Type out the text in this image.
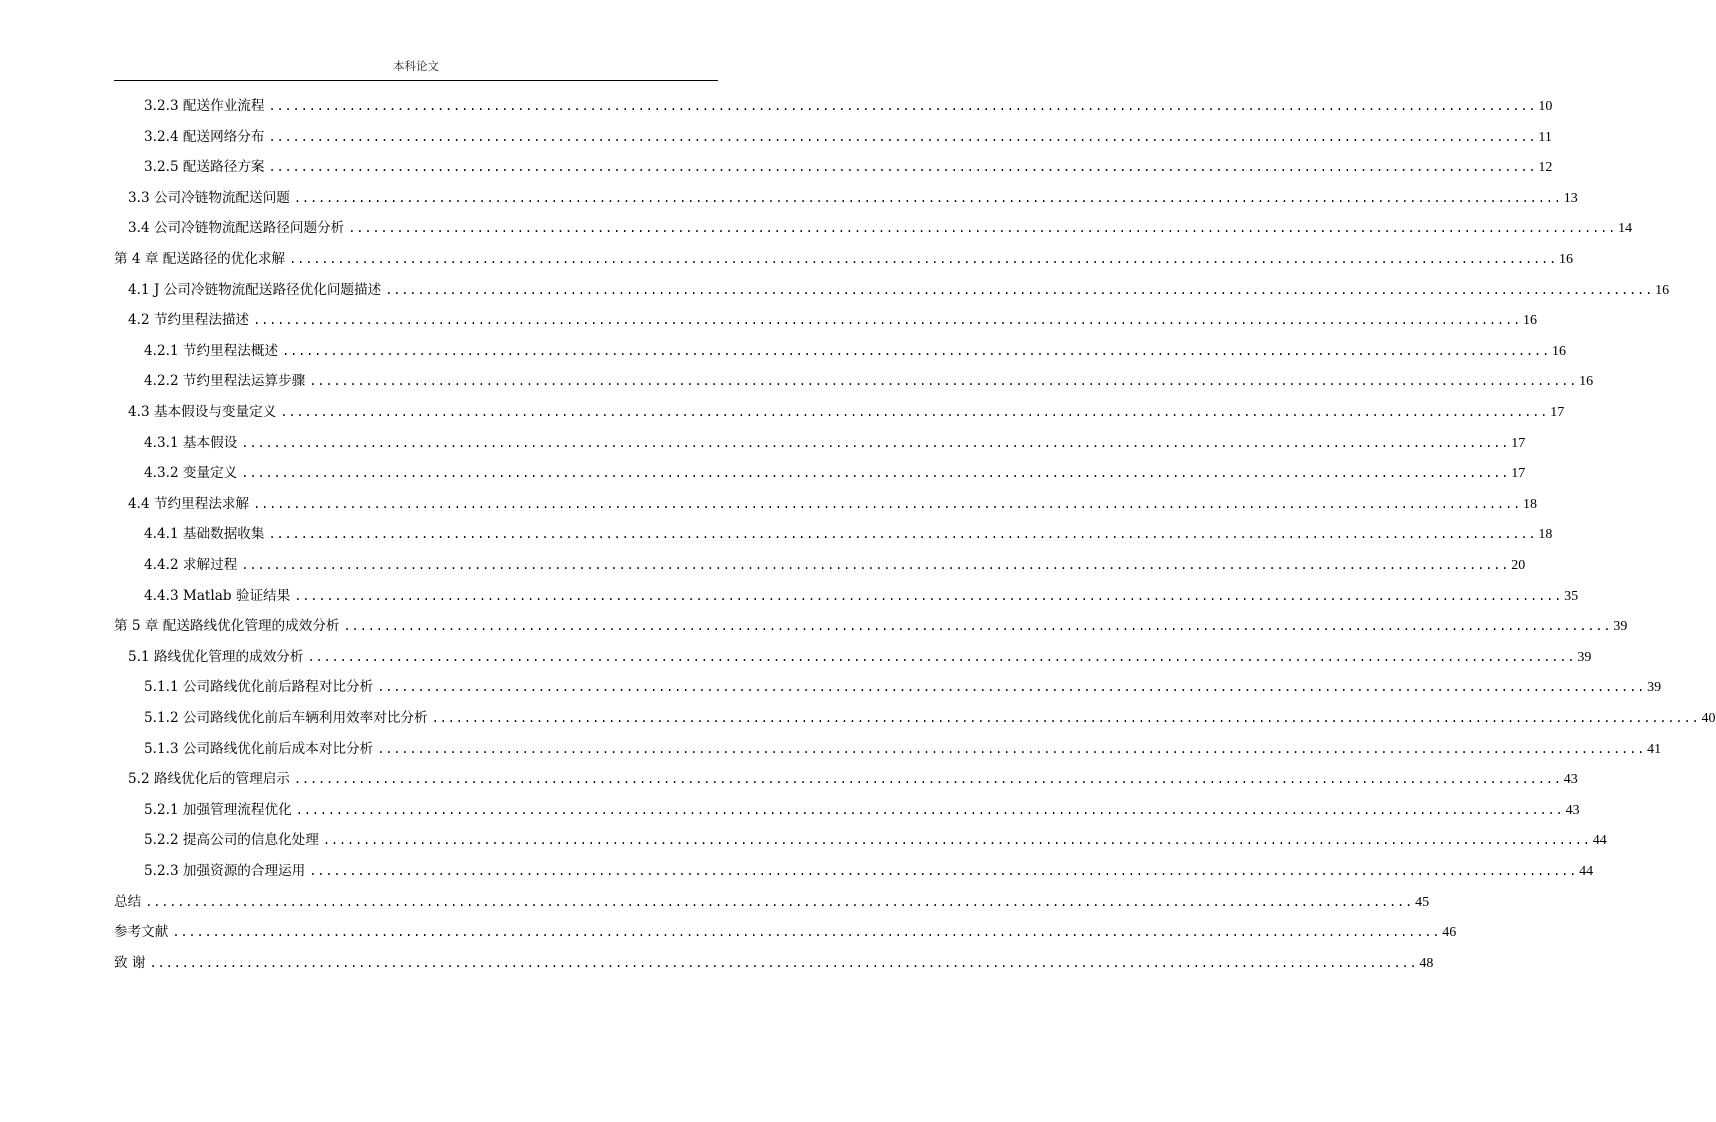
本科论文
3.2.3 配送作业流程 .............................................................................................................................................................. 10
3.2.4 配送网络分布 .............................................................................................................................................................. 11
3.2.5 配送路径方案 .............................................................................................................................................................. 12
3.3 公司冷链物流配送问题 .............................................................................................................................................................. 13
3.4 公司冷链物流配送路径问题分析 .............................................................................................................................................................. 14
第 4 章 配送路径的优化求解 .............................................................................................................................................................. 16
4.1 J 公司冷链物流配送路径优化问题描述 .............................................................................................................................................................. 16
4.2 节约里程法描述 .............................................................................................................................................................. 16
4.2.1 节约里程法概述 .............................................................................................................................................................. 16
4.2.2 节约里程法运算步骤 .............................................................................................................................................................. 16
4.3 基本假设与变量定义 .............................................................................................................................................................. 17
4.3.1 基本假设 .............................................................................................................................................................. 17
4.3.2 变量定义 .............................................................................................................................................................. 17
4.4 节约里程法求解 .............................................................................................................................................................. 18
4.4.1 基础数据收集 .............................................................................................................................................................. 18
4.4.2 求解过程 .............................................................................................................................................................. 20
4.4.3 Matlab 验证结果 .............................................................................................................................................................. 35
第 5 章 配送路线优化管理的成效分析 .............................................................................................................................................................. 39
5.1 路线优化管理的成效分析 .............................................................................................................................................................. 39
5.1.1 公司路线优化前后路程对比分析 .............................................................................................................................................................. 39
5.1.2 公司路线优化前后车辆利用效率对比分析 .............................................................................................................................................................. 40
5.1.3 公司路线优化前后成本对比分析 .............................................................................................................................................................. 41
5.2 路线优化后的管理启示 .............................................................................................................................................................. 43
5.2.1 加强管理流程优化 .............................................................................................................................................................. 43
5.2.2 提高公司的信息化处理 .............................................................................................................................................................. 44
5.2.3 加强资源的合理运用 .............................................................................................................................................................. 44
总结 .............................................................................................................................................................. 45
参考文献 .............................................................................................................................................................. 46
致 谢 .............................................................................................................................................................. 48
